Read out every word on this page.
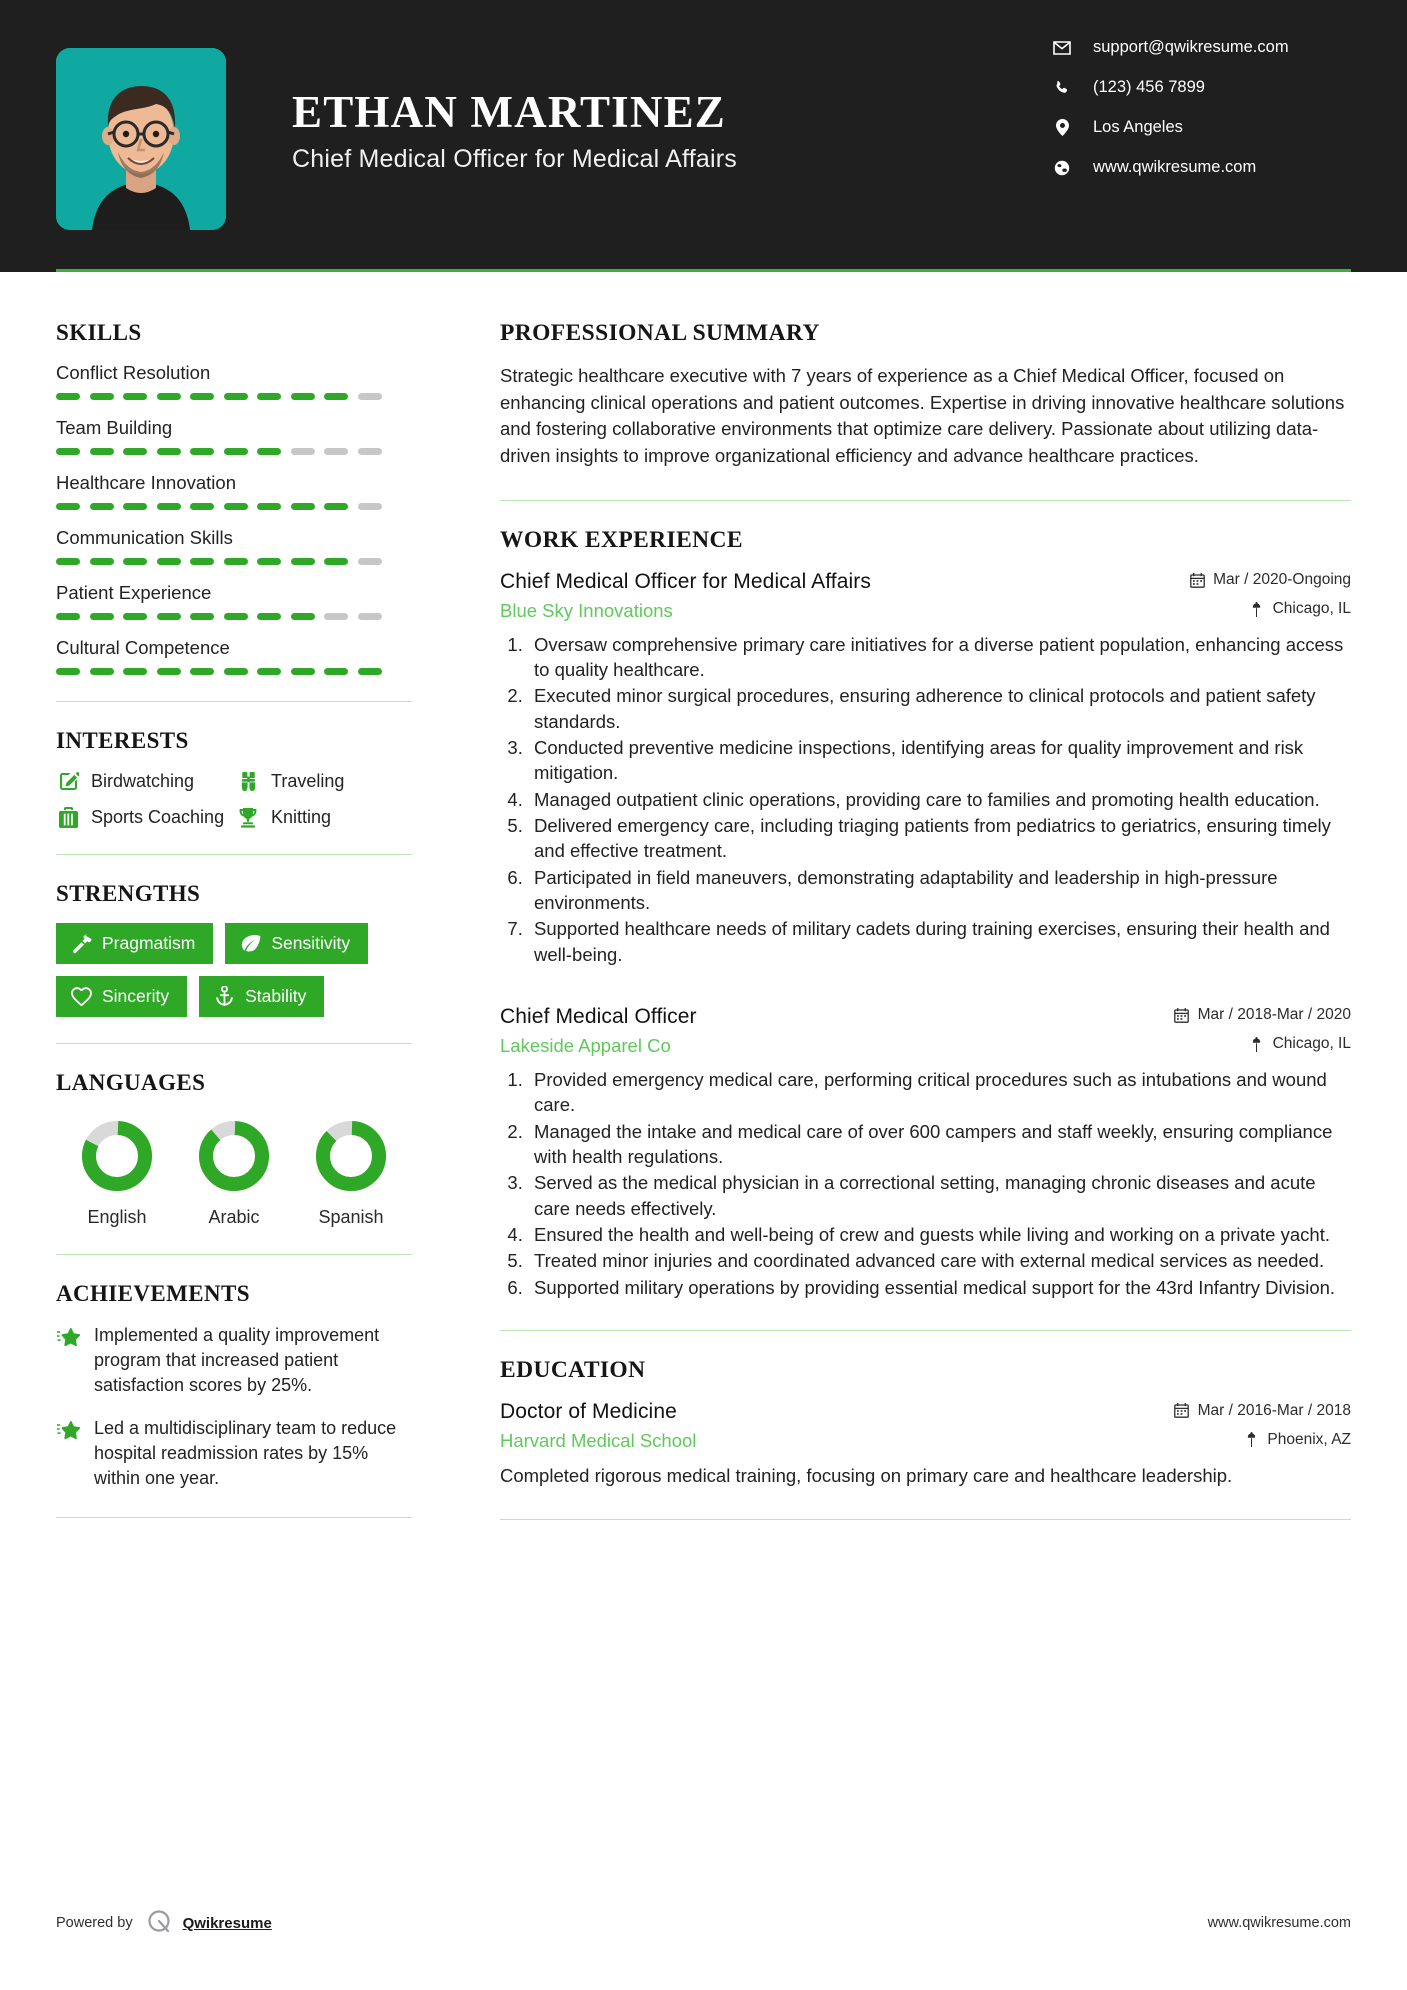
ETHAN MARTINEZ
Chief Medical Officer for Medical Affairs
support@qwikresume.com
(123) 456 7899
Los Angeles
www.qwikresume.com
SKILLS
Conflict Resolution
Team Building
Healthcare Innovation
Communication Skills
Patient Experience
Cultural Competence
INTERESTS
Birdwatching	Traveling
Sports Coaching	Knitting
STRENGTHS
Pragmatism	Sensitivity
Sincerity	Stability
LANGUAGES
English	Arabic	Spanish
ACHIEVEMENTS
Implemented a quality improvement program that increased patient satisfaction scores by 25%.
Led a multidisciplinary team to reduce hospital readmission rates by 15% within one year.
PROFESSIONAL SUMMARY
Strategic healthcare executive with 7 years of experience as a Chief Medical Officer, focused on enhancing clinical operations and patient outcomes. Expertise in driving innovative healthcare solutions and fostering collaborative environments that optimize care delivery. Passionate about utilizing data-driven insights to improve organizational efficiency and advance healthcare practices.
WORK EXPERIENCE
Chief Medical Officer for Medical Affairs	Mar / 2020-Ongoing
Blue Sky Innovations	Chicago, IL
1. Oversaw comprehensive primary care initiatives for a diverse patient population, enhancing access to quality healthcare.
2. Executed minor surgical procedures, ensuring adherence to clinical protocols and patient safety standards.
3. Conducted preventive medicine inspections, identifying areas for quality improvement and risk mitigation.
4. Managed outpatient clinic operations, providing care to families and promoting health education.
5. Delivered emergency care, including triaging patients from pediatrics to geriatrics, ensuring timely and effective treatment.
6. Participated in field maneuvers, demonstrating adaptability and leadership in high-pressure environments.
7. Supported healthcare needs of military cadets during training exercises, ensuring their health and well-being.
Chief Medical Officer	Mar / 2018-Mar / 2020
Lakeside Apparel Co	Chicago, IL
1. Provided emergency medical care, performing critical procedures such as intubations and wound care.
2. Managed the intake and medical care of over 600 campers and staff weekly, ensuring compliance with health regulations.
3. Served as the medical physician in a correctional setting, managing chronic diseases and acute care needs effectively.
4. Ensured the health and well-being of crew and guests while living and working on a private yacht.
5. Treated minor injuries and coordinated advanced care with external medical services as needed.
6. Supported military operations by providing essential medical support for the 43rd Infantry Division.
EDUCATION
Doctor of Medicine	Mar / 2016-Mar / 2018
Harvard Medical School	Phoenix, AZ
Completed rigorous medical training, focusing on primary care and healthcare leadership.
Powered by	Qwikresume	www.qwikresume.com
